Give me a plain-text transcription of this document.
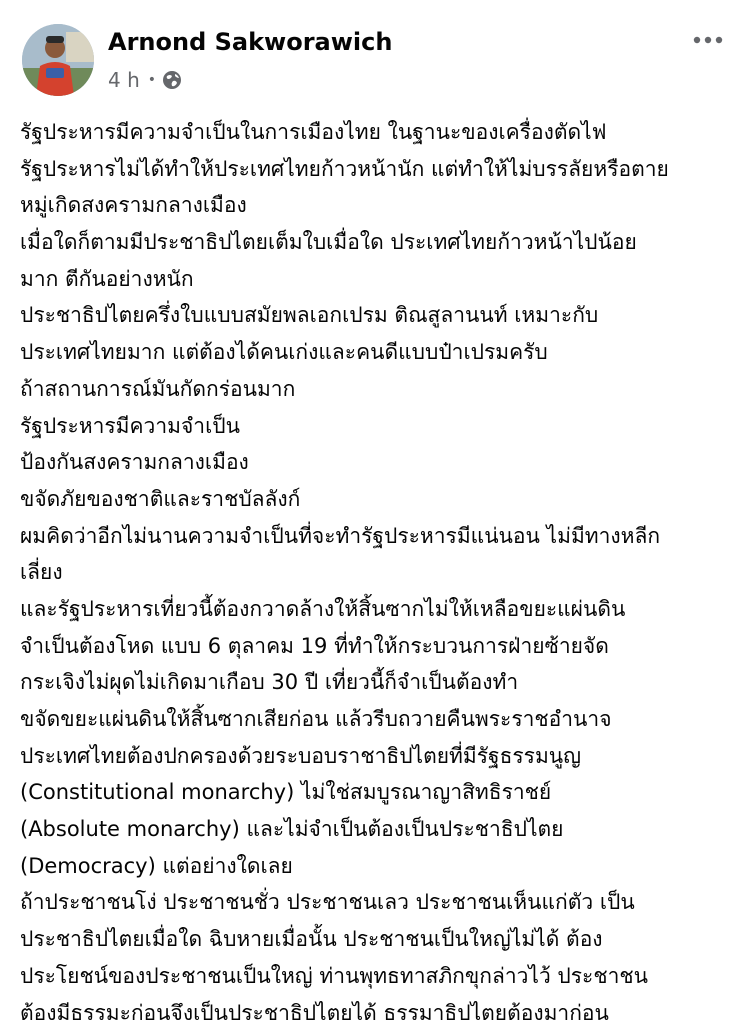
Arnond Sakworawich
4 h •
รัฐประหารมีความจำเป็นในการเมืองไทย ในฐานะของเครื่องตัดไฟ
รัฐประหารไม่ได้ทำให้ประเทศไทยก้าวหน้านัก แต่ทำให้ไม่บรรลัยหรือตาย
หมู่เกิดสงครามกลางเมือง
เมื่อใดก็ตามมีประชาธิปไตยเต็มใบเมื่อใด ประเทศไทยก้าวหน้าไปน้อย
มาก ตีกันอย่างหนัก
ประชาธิปไตยครึ่งใบแบบสมัยพลเอกเปรม ติณสูลานนท์ เหมาะกับ
ประเทศไทยมาก แต่ต้องได้คนเก่งและคนดีแบบป๋าเปรมครับ
ถ้าสถานการณ์มันกัดกร่อนมาก
รัฐประหารมีความจำเป็น
ป้องกันสงครามกลางเมือง
ขจัดภัยของชาติและราชบัลลังก์
ผมคิดว่าอีกไม่นานความจำเป็นที่จะทำรัฐประหารมีแน่นอน ไม่มีทางหลีก
เลี่ยง
และรัฐประหารเที่ยวนี้ต้องกวาดล้างให้สิ้นซากไม่ให้เหลือขยะแผ่นดิน
จำเป็นต้องโหด แบบ 6 ตุลาคม 19 ที่ทำให้กระบวนการฝ่ายซ้ายจัด
กระเจิงไม่ผุดไม่เกิดมาเกือบ 30 ปี เที่ยวนี้ก็จำเป็นต้องทำ
ขจัดขยะแผ่นดินให้สิ้นซากเสียก่อน แล้วรีบถวายคืนพระราชอำนาจ
ประเทศไทยต้องปกครองด้วยระบอบราชาธิปไตยที่มีรัฐธรรมนูญ
(Constitutional monarchy) ไม่ใช่สมบูรณาญาสิทธิราชย์
(Absolute monarchy) และไม่จำเป็นต้องเป็นประชาธิปไตย
(Democracy) แต่อย่างใดเลย
ถ้าประชาชนโง่ ประชาชนชั่ว ประชาชนเลว ประชาชนเห็นแก่ตัว เป็น
ประชาธิปไตยเมื่อใด ฉิบหายเมื่อนั้น ประชาชนเป็นใหญ่ไม่ได้ ต้อง
ประโยชน์ของประชาชนเป็นใหญ่ ท่านพุทธทาสภิกขุกล่าวไว้ ประชาชน
ต้องมีธรรมะก่อนจึงเป็นประชาธิปไตยได้ ธรรมาธิปไตยต้องมาก่อน
